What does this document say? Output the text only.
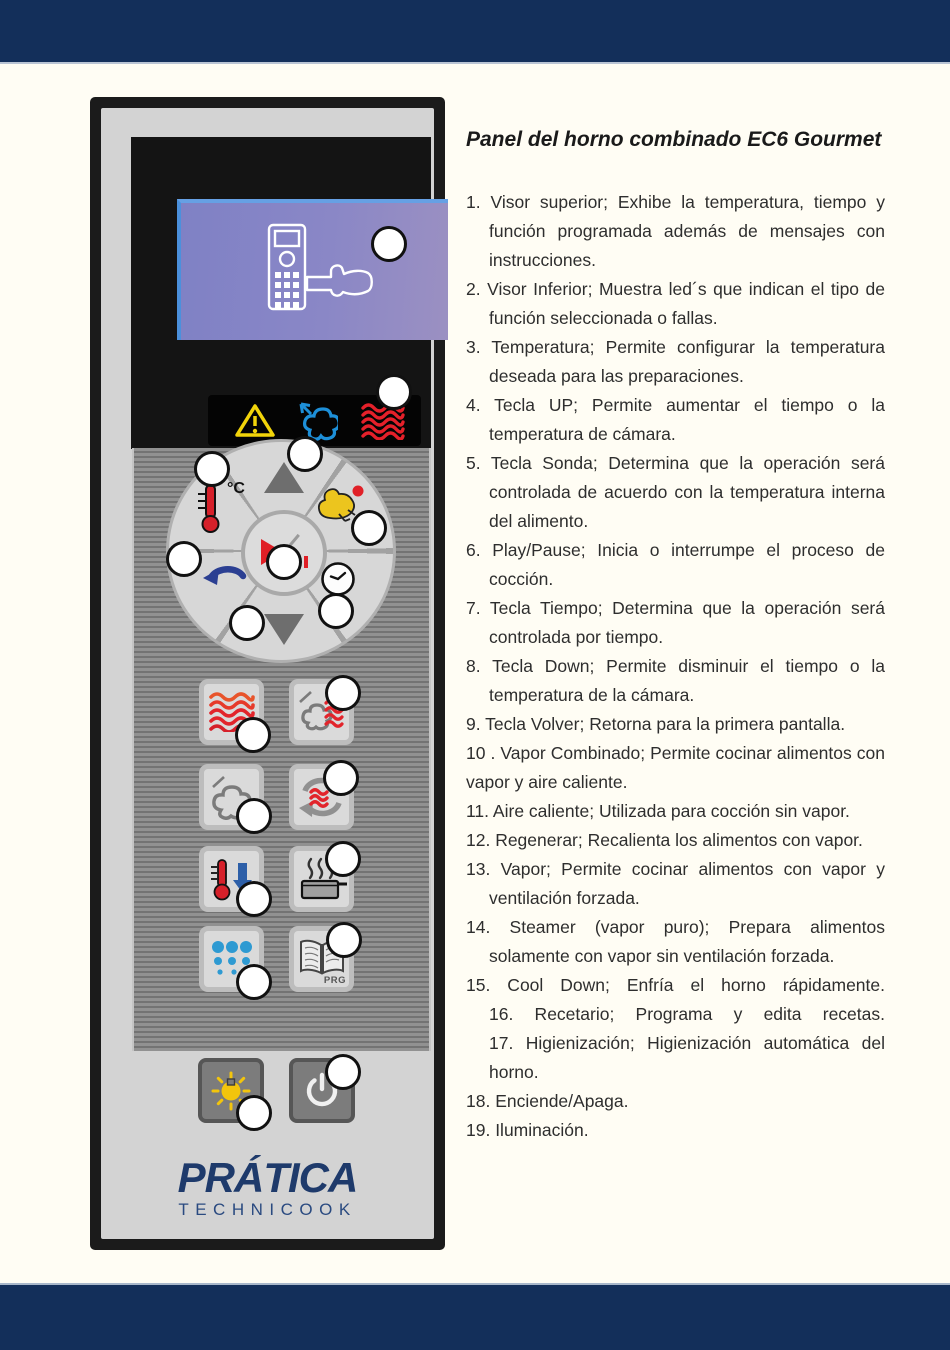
°C
PRG
PRÁTICA
TECHNICOOK
Panel del horno combinado EC6 Gourmet
1. Visor superior; Exhibe la temperatura, tiempo y función programada además de mensajes con instrucciones.
2. Visor Inferior; Muestra led´s que indican el tipo de función seleccionada o fallas.
3. Temperatura; Permite configurar la temperatura deseada para las preparaciones.
4. Tecla UP; Permite aumentar el tiempo o la temperatura de cámara.
5. Tecla Sonda; Determina que la operación será controlada de acuerdo con la temperatura interna del alimento.
6. Play/Pause; Inicia o interrumpe el proceso de cocción.
7. Tecla Tiempo; Determina que la operación será controlada por tiempo.
8. Tecla Down; Permite disminuir el tiempo o la temperatura de la cámara.
9. Tecla Volver; Retorna para la primera pantalla.
10 . Vapor Combinado; Permite cocinar alimentos con vapor y aire caliente.
11. Aire caliente; Utilizada para cocción sin vapor.
12. Regenerar; Recalienta los alimentos con vapor.
13. Vapor; Permite cocinar alimentos con vapor y ventilación forzada.
14. Steamer (vapor puro); Prepara alimentos solamente con vapor sin ventilación forzada.
15. Cool Down; Enfría el horno rápidamente.
16. Recetario; Programa y edita recetas.
17. Higienización; Higienización automática del horno.
18. Enciende/Apaga.
19. Iluminación.
